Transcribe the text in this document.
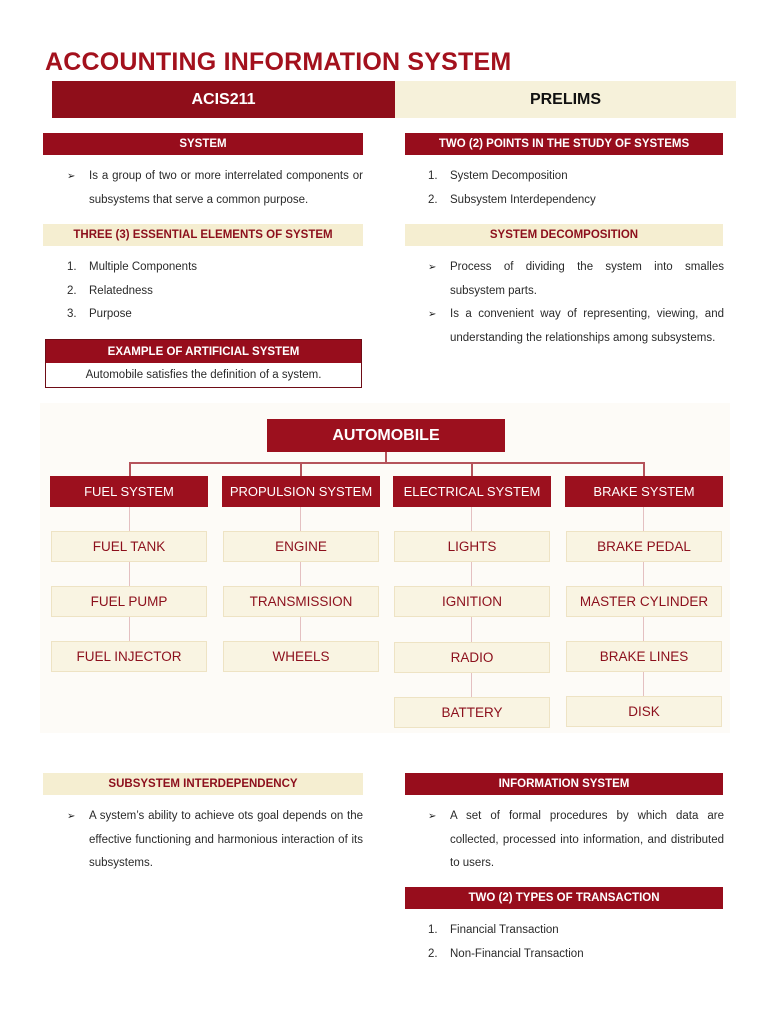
ACCOUNTING INFORMATION SYSTEM
ACIS211	PRELIMS
SYSTEM
➢	Is a group of two or more interrelated components or subsystems that serve a common purpose.
THREE (3) ESSENTIAL ELEMENTS OF SYSTEM
1.	Multiple Components
2.	Relatedness
3.	Purpose
EXAMPLE OF ARTIFICIAL SYSTEM
Automobile satisfies the definition of a system.
TWO (2) POINTS IN THE STUDY OF SYSTEMS
1.	System Decomposition
2.	Subsystem Interdependency
SYSTEM DECOMPOSITION
➢	Process of dividing the system into smalles subsystem parts.
➢	Is a convenient way of representing, viewing, and understanding the relationships among subsystems.
AUTOMOBILE
FUEL SYSTEM	PROPULSION SYSTEM	ELECTRICAL SYSTEM	BRAKE SYSTEM
FUEL TANK
FUEL PUMP
FUEL INJECTOR
ENGINE
TRANSMISSION
WHEELS
LIGHTS
IGNITION
RADIO
BATTERY
BRAKE PEDAL
MASTER CYLINDER
BRAKE LINES
DISK
SUBSYSTEM INTERDEPENDENCY
➢	A system’s ability to achieve ots goal depends on the effective functioning and harmonious interaction of its subsystems.
INFORMATION SYSTEM
➢	A set of formal procedures by which data are collected, processed into information, and distributed to users.
TWO (2) TYPES OF TRANSACTION
1.	Financial Transaction
2.	Non-Financial Transaction
